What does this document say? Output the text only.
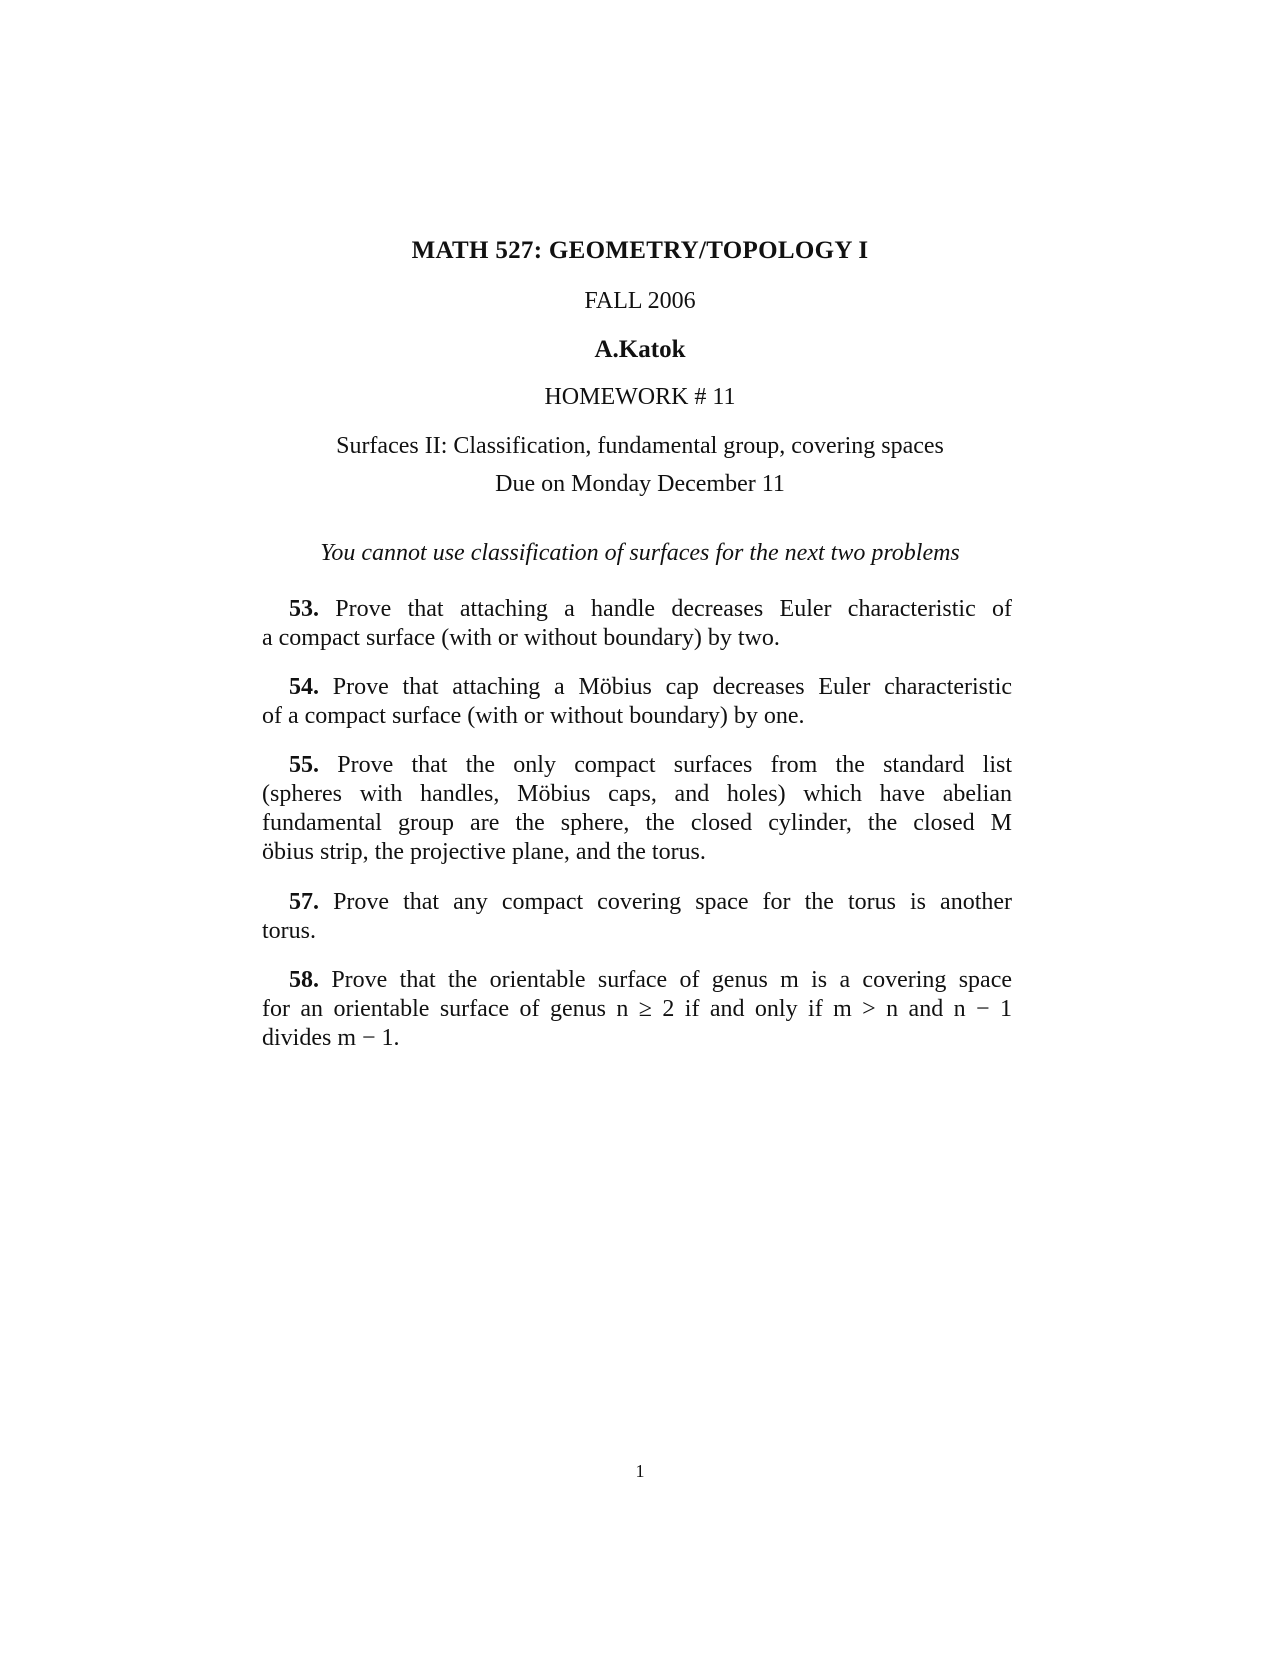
MATH 527: GEOMETRY/TOPOLOGY I
FALL 2006
A.Katok
HOMEWORK # 11
Surfaces II: Classification, fundamental group, covering spaces
Due on Monday December 11
You cannot use classification of surfaces for the next two problems
53. Prove that attaching a handle decreases Euler characteristic of
a compact surface (with or without boundary) by two.
54. Prove that attaching a Möbius cap decreases Euler characteristic
of a compact surface (with or without boundary) by one.
55. Prove that the only compact surfaces from the standard list
(spheres with handles, Möbius caps, and holes) which have abelian
fundamental group are the sphere, the closed cylinder, the closed M
öbius strip, the projective plane, and the torus.
57. Prove that any compact covering space for the torus is another
torus.
58. Prove that the orientable surface of genus m is a covering space
for an orientable surface of genus n ≥ 2 if and only if m > n and n − 1
divides m − 1.
1
